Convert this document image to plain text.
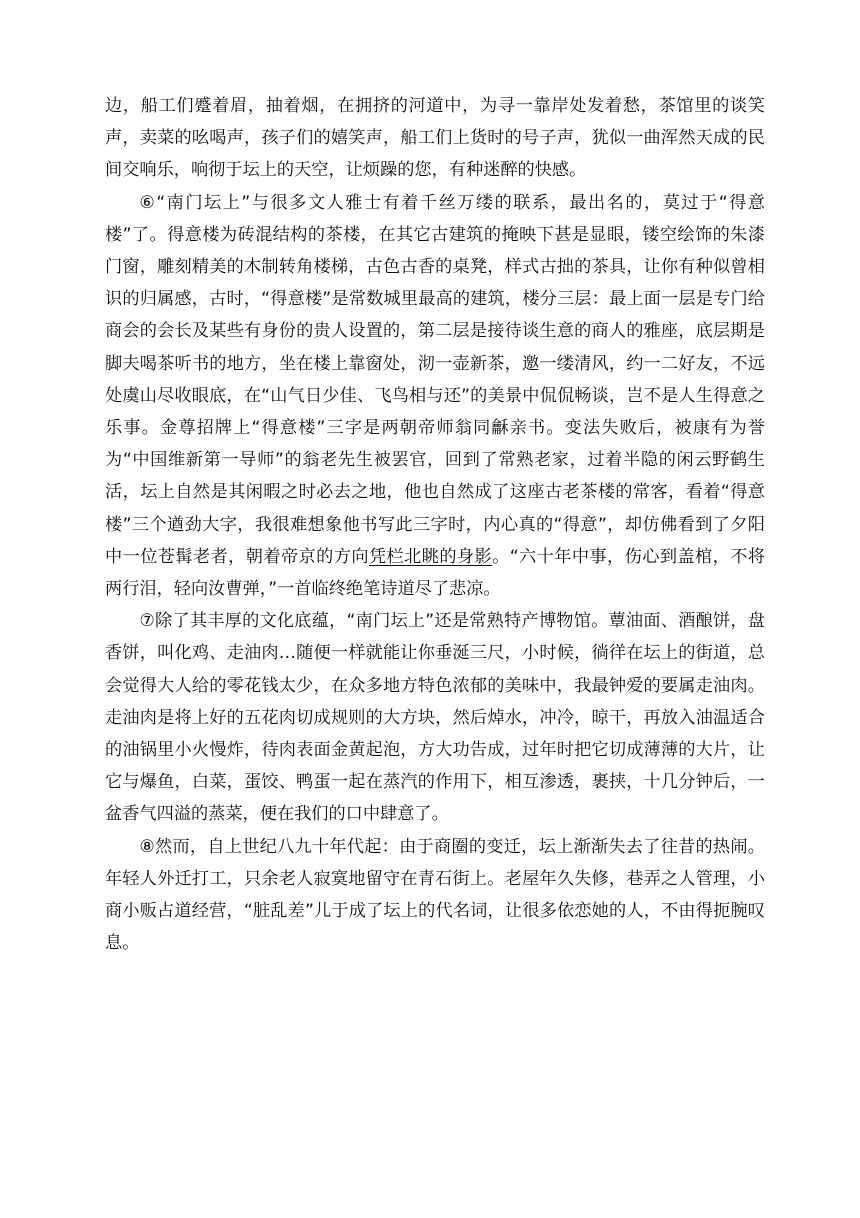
边，船工们蹙着眉，抽着烟，在拥挤的河道中，为寻一靠岸处发着愁，茶馆里的谈笑声，卖菜的吆喝声，孩子们的嬉笑声，船工们上货时的号子声，犹似一曲浑然天成的民间交响乐，响彻于坛上的天空，让烦躁的您，有种迷醉的快感。

⑥“南门坛上”与很多文人雅士有着千丝万缕的联系，最出名的，莫过于“得意楼”了。得意楼为砖混结构的茶楼，在其它古建筑的掩映下甚是显眼，镂空绘饰的朱漆门窗，雕刻精美的木制转角楼梯，古色古香的桌凳，样式古拙的茶具，让你有种似曾相识的归属感，古时，“得意楼”是常数城里最高的建筑，楼分三层：最上面一层是专门给商会的会长及某些有身份的贵人设置的，第二层是接待谈生意的商人的雅座，底层期是脚夫喝茶听书的地方，坐在楼上靠窗处，沏一壶新茶，邀一缕清风，约一二好友，不远处虞山尽收眼底，在“山气日少佳、飞鸟相与还”的美景中侃侃畅谈，岂不是人生得意之乐事。金尊招牌上“得意楼”三字是两朝帝师翁同龢亲书。变法失败后，被康有为誉为“中国维新第一导师”的翁老先生被罢官，回到了常熟老家，过着半隐的闲云野鹤生活，坛上自然是其闲暇之时必去之地，他也自然成了这座古老茶楼的常客，看着“得意楼”三个遒劲大字，我很难想象他书写此三字时，内心真的“得意”，却仿佛看到了夕阳中一位苍髯老者，朝着帝京的方向凭栏北眺的身影。“六十年中事，伤心到盖棺，不将两行泪，轻向汝曹弹，”一首临终绝笔诗道尽了悲凉。

⑦除了其丰厚的文化底蕴，“南门坛上”还是常熟特产博物馆。蕈油面、酒酿饼，盘香饼，叫化鸡、走油肉…随便一样就能让你垂涎三尺，小时候，徜徉在坛上的街道，总会觉得大人给的零花钱太少，在众多地方特色浓郁的美味中，我最钟爱的要属走油肉。走油肉是将上好的五花肉切成规则的大方块，然后焯水，冲冷，晾干，再放入油温适合的油锅里小火慢炸，待肉表面金黄起泡，方大功告成，过年时把它切成薄薄的大片，让它与爆鱼，白菜，蛋饺、鸭蛋一起在蒸汽的作用下，相互渗透，裹挟，十几分钟后，一盆香气四溢的蒸菜，便在我们的口中肆意了。

⑧然而，自上世纪八九十年代起：由于商圈的变迁，坛上渐渐失去了往昔的热闹。年轻人外迁打工，只余老人寂寞地留守在青石街上。老屋年久失修，巷弄之人管理，小商小贩占道经营，“脏乱差”儿于成了坛上的代名词，让很多依恋她的人，不由得扼腕叹息。
